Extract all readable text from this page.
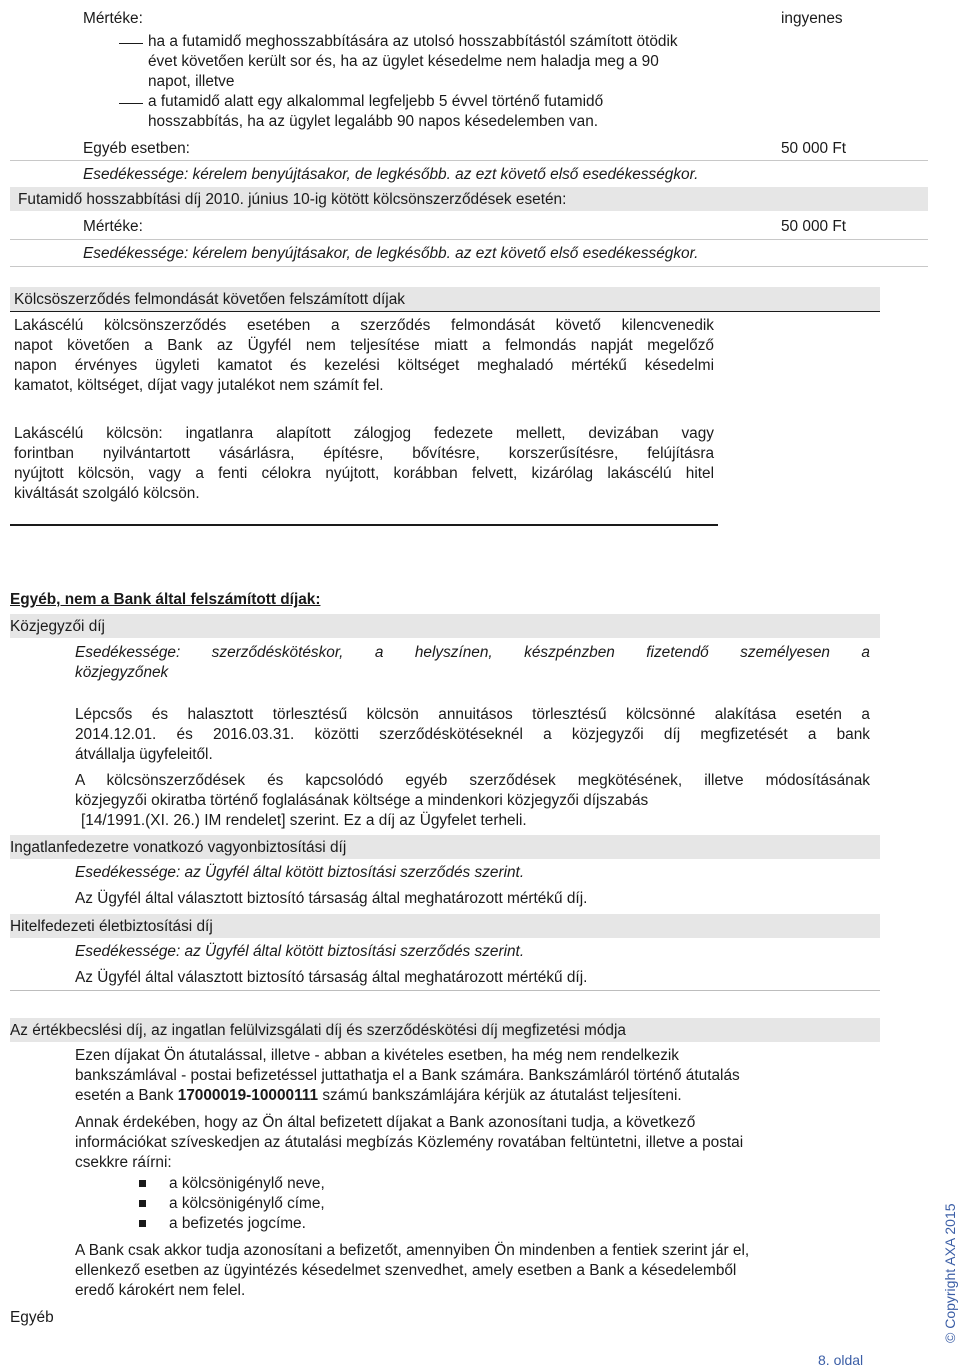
Mértéke:	ingyenes
ha a futamidő meghosszabbítására az utolsó hosszabbítástól számított ötödik
évet követően került sor és, ha az ügylet késedelme nem haladja meg a 90
napot, illetve
a futamidő alatt egy alkalommal legfeljebb 5 évvel történő futamidő
hosszabbítás, ha az ügylet legalább 90 napos késedelemben van.
Egyéb esetben:	50 000 Ft
Esedékessége: kérelem benyújtásakor, de legkésőbb. az ezt követő első esedékességkor.
Futamidő hosszabbítási díj 2010. június 10-ig kötött kölcsönszerződések esetén:
Mértéke:	50 000 Ft
Esedékessége: kérelem benyújtásakor, de legkésőbb. az ezt követő első esedékességkor.
Kölcsöszerződés felmondását követően felszámított díjak
Lakáscélú kölcsönszerződés esetében a szerződés felmondását követő kilencvenedik
napot követően a Bank az Ügyfél nem teljesítése miatt a felmondás napját megelőző
napon érvényes ügyleti kamatot és kezelési költséget meghaladó mértékű késedelmi
kamatot, költséget, díjat vagy jutalékot nem számít fel.
Lakáscélú kölcsön: ingatlanra alapított zálogjog fedezete mellett, devizában vagy
forintban nyilvántartott vásárlásra, építésre, bővítésre, korszerűsítésre, felújításra
nyújtott kölcsön, vagy a fenti célokra nyújtott, korábban felvett, kizárólag lakáscélú hitel
kiváltását szolgáló kölcsön.
Egyéb, nem a Bank által felszámított díjak:
Közjegyzői díj
Esedékessége: szerződéskötéskor, a helyszínen, készpénzben fizetendő személyesen a
közjegyzőnek
Lépcsős és halasztott törlesztésű kölcsön annuitásos törlesztésű kölcsönné alakítása esetén a
2014.12.01. és 2016.03.31. közötti szerződéskötéseknél a közjegyzői díj megfizetését a bank
átvállalja ügyfeleitől.
A kölcsönszerződések és kapcsolódó egyéb szerződések megkötésének, illetve módosításának
közjegyzői okiratba történő foglalásának költsége a mindenkori közjegyzői díjszabás
[14/1991.(XI. 26.) IM rendelet] szerint. Ez a díj az Ügyfelet terheli.
Ingatlanfedezetre vonatkozó vagyonbiztosítási díj
Esedékessége: az Ügyfél által kötött biztosítási szerződés szerint.
Az Ügyfél által választott biztosító társaság által meghatározott mértékű díj.
Hitelfedezeti életbiztosítási díj
Esedékessége: az Ügyfél által kötött biztosítási szerződés szerint.
Az Ügyfél által választott biztosító társaság által meghatározott mértékű díj.
Az értékbecslési díj, az ingatlan felülvizsgálati díj és szerződéskötési díj megfizetési módja
Ezen díjakat Ön átutalással, illetve - abban a kivételes esetben, ha még nem rendelkezik
bankszámlával - postai befizetéssel juttathatja el a Bank számára. Bankszámláról történő átutalás
esetén a Bank 17000019-10000111 számú bankszámlájára kérjük az átutalást teljesíteni.
Annak érdekében, hogy az Ön által befizetett díjakat a Bank azonosítani tudja, a következő
információkat szíveskedjen az átutalási megbízás Közlemény rovatában feltüntetni, illetve a postai
csekkre ráírni:
a kölcsönigénylő neve,
a kölcsönigénylő címe,
a befizetés jogcíme.
A Bank csak akkor tudja azonosítani a befizetőt, amennyiben Ön mindenben a fentiek szerint jár el,
ellenkező esetben az ügyintézés késedelmet szenvedhet, amely esetben a Bank a késedelemből
eredő károkért nem felel.
Egyéb	© Copyright AXA 2015
8. oldal
